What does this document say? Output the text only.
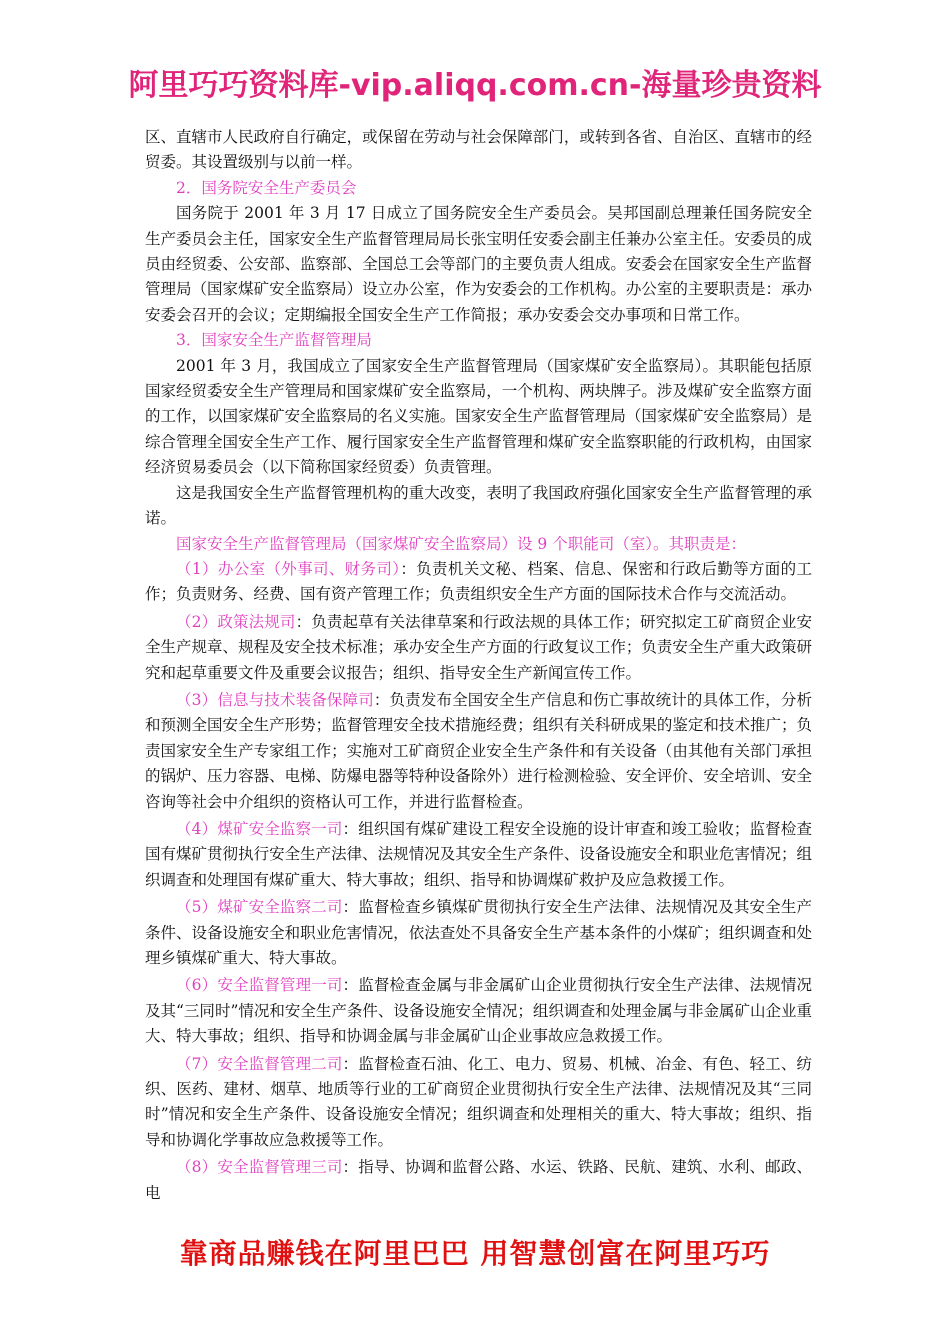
阿里巧巧资料库-vip.aliqq.com.cn-海量珍贵资料

区、直辖市人民政府自行确定，或保留在劳动与社会保障部门，或转到各省、自治区、直辖市的经贸委。其设置级别与以前一样。

2．国务院安全生产委员会

国务院于 2001 年 3 月 17 日成立了国务院安全生产委员会。吴邦国副总理兼任国务院安全生产委员会主任，国家安全生产监督管理局局长张宝明任安委会副主任兼办公室主任。安委员的成员由经贸委、公安部、监察部、全国总工会等部门的主要负责人组成。安委会在国家安全生产监督管理局（国家煤矿安全监察局）设立办公室，作为安委会的工作机构。办公室的主要职责是：承办安委会召开的会议；定期编报全国安全生产工作简报；承办安委会交办事项和日常工作。

3．国家安全生产监督管理局

2001 年 3 月，我国成立了国家安全生产监督管理局（国家煤矿安全监察局）。其职能包括原国家经贸委安全生产管理局和国家煤矿安全监察局，一个机构、两块牌子。涉及煤矿安全监察方面的工作，以国家煤矿安全监察局的名义实施。国家安全生产监督管理局（国家煤矿安全监察局）是综合管理全国安全生产工作、履行国家安全生产监督管理和煤矿安全监察职能的行政机构，由国家经济贸易委员会（以下简称国家经贸委）负责管理。

这是我国安全生产监督管理机构的重大改变，表明了我国政府强化国家安全生产监督管理的承诺。

国家安全生产监督管理局（国家煤矿安全监察局）设 9 个职能司（室）。其职责是：

（1）办公室（外事司、财务司）：负责机关文秘、档案、信息、保密和行政后勤等方面的工作；负责财务、经费、国有资产管理工作；负责组织安全生产方面的国际技术合作与交流活动。

（2）政策法规司：负责起草有关法律草案和行政法规的具体工作；研究拟定工矿商贸企业安全生产规章、规程及安全技术标准；承办安全生产方面的行政复议工作；负责安全生产重大政策研究和起草重要文件及重要会议报告；组织、指导安全生产新闻宣传工作。

（3）信息与技术装备保障司：负责发布全国安全生产信息和伤亡事故统计的具体工作，分析和预测全国安全生产形势；监督管理安全技术措施经费；组织有关科研成果的鉴定和技术推广；负责国家安全生产专家组工作；实施对工矿商贸企业安全生产条件和有关设备（由其他有关部门承担的锅炉、压力容器、电梯、防爆电器等特种设备除外）进行检测检验、安全评价、安全培训、安全咨询等社会中介组织的资格认可工作，并进行监督检查。

（4）煤矿安全监察一司：组织国有煤矿建设工程安全设施的设计审查和竣工验收；监督检查国有煤矿贯彻执行安全生产法律、法规情况及其安全生产条件、设备设施安全和职业危害情况；组织调查和处理国有煤矿重大、特大事故；组织、指导和协调煤矿救护及应急救援工作。

（5）煤矿安全监察二司：监督检查乡镇煤矿贯彻执行安全生产法律、法规情况及其安全生产条件、设备设施安全和职业危害情况，依法查处不具备安全生产基本条件的小煤矿；组织调查和处理乡镇煤矿重大、特大事故。

（6）安全监督管理一司：监督检查金属与非金属矿山企业贯彻执行安全生产法律、法规情况及其“三同时”情况和安全生产条件、设备设施安全情况；组织调查和处理金属与非金属矿山企业重大、特大事故；组织、指导和协调金属与非金属矿山企业事故应急救援工作。

（7）安全监督管理二司：监督检查石油、化工、电力、贸易、机械、冶金、有色、轻工、纺织、医药、建材、烟草、地质等行业的工矿商贸企业贯彻执行安全生产法律、法规情况及其“三同时”情况和安全生产条件、设备设施安全情况；组织调查和处理相关的重大、特大事故；组织、指导和协调化学事故应急救援等工作。

（8）安全监督管理三司：指导、协调和监督公路、水运、铁路、民航、建筑、水利、邮政、电

靠商品赚钱在阿里巴巴 用智慧创富在阿里巧巧
